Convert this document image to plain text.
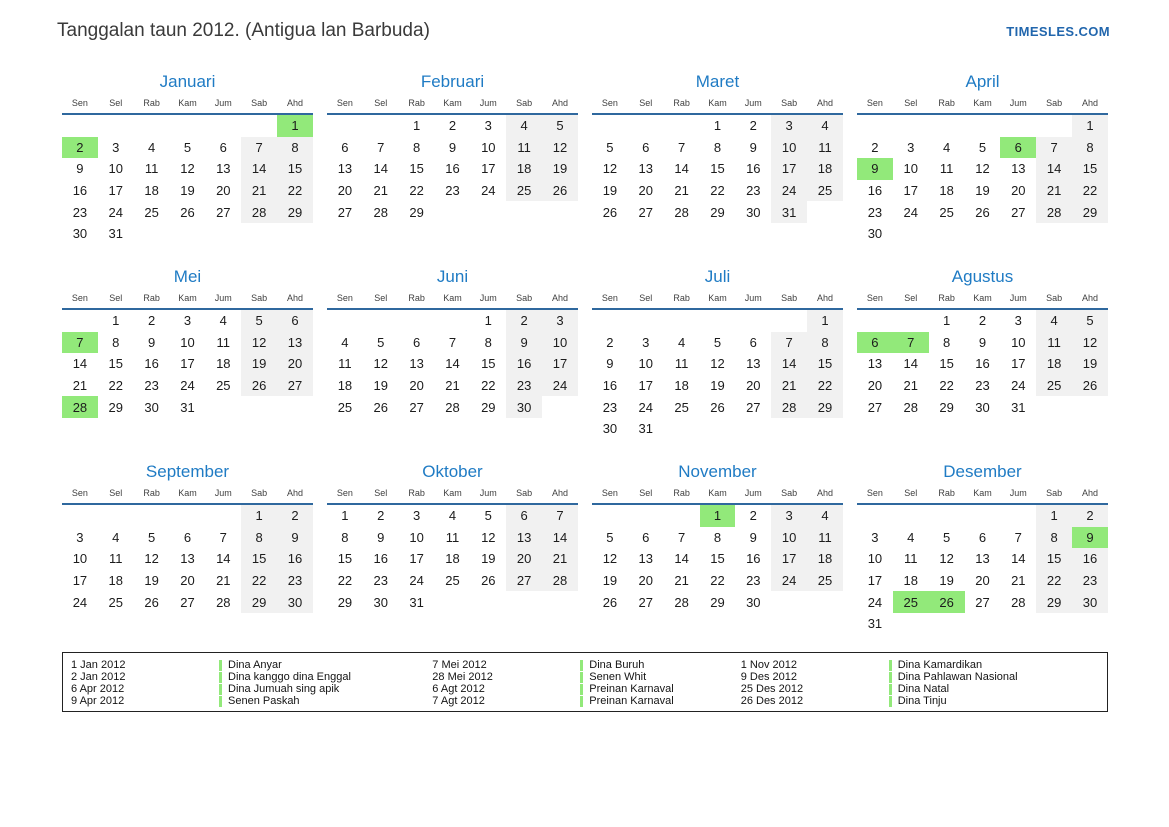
Tanggalan taun 2012. (Antigua lan Barbuda)	TIMESLES.COM
Januari
Sen	Sel	Rab	Kam	Jum	Sab	Ahd
						1
2	3	4	5	6	7	8
9	10	11	12	13	14	15
16	17	18	19	20	21	22
23	24	25	26	27	28	29
30	31					
Februari
Sen	Sel	Rab	Kam	Jum	Sab	Ahd
		1	2	3	4	5
6	7	8	9	10	11	12
13	14	15	16	17	18	19
20	21	22	23	24	25	26
27	28	29				
Maret
Sen	Sel	Rab	Kam	Jum	Sab	Ahd
			1	2	3	4
5	6	7	8	9	10	11
12	13	14	15	16	17	18
19	20	21	22	23	24	25
26	27	28	29	30	31	
April
Sen	Sel	Rab	Kam	Jum	Sab	Ahd
						1
2	3	4	5	6	7	8
9	10	11	12	13	14	15
16	17	18	19	20	21	22
23	24	25	26	27	28	29
30						
Mei
Sen	Sel	Rab	Kam	Jum	Sab	Ahd
	1	2	3	4	5	6
7	8	9	10	11	12	13
14	15	16	17	18	19	20
21	22	23	24	25	26	27
28	29	30	31			
Juni
Sen	Sel	Rab	Kam	Jum	Sab	Ahd
				1	2	3
4	5	6	7	8	9	10
11	12	13	14	15	16	17
18	19	20	21	22	23	24
25	26	27	28	29	30	
Juli
Sen	Sel	Rab	Kam	Jum	Sab	Ahd
						1
2	3	4	5	6	7	8
9	10	11	12	13	14	15
16	17	18	19	20	21	22
23	24	25	26	27	28	29
30	31					
Agustus
Sen	Sel	Rab	Kam	Jum	Sab	Ahd
		1	2	3	4	5
6	7	8	9	10	11	12
13	14	15	16	17	18	19
20	21	22	23	24	25	26
27	28	29	30	31		
September
Sen	Sel	Rab	Kam	Jum	Sab	Ahd
					1	2
3	4	5	6	7	8	9
10	11	12	13	14	15	16
17	18	19	20	21	22	23
24	25	26	27	28	29	30
Oktober
Sen	Sel	Rab	Kam	Jum	Sab	Ahd
1	2	3	4	5	6	7
8	9	10	11	12	13	14
15	16	17	18	19	20	21
22	23	24	25	26	27	28
29	30	31				
November
Sen	Sel	Rab	Kam	Jum	Sab	Ahd
			1	2	3	4
5	6	7	8	9	10	11
12	13	14	15	16	17	18
19	20	21	22	23	24	25
26	27	28	29	30		
Desember
Sen	Sel	Rab	Kam	Jum	Sab	Ahd
					1	2
3	4	5	6	7	8	9
10	11	12	13	14	15	16
17	18	19	20	21	22	23
24	25	26	27	28	29	30
31						
1 Jan 2012	Dina Anyar
2 Jan 2012	Dina kanggo dina Enggal
6 Apr 2012	Dina Jumuah sing apik
9 Apr 2012	Senen Paskah
7 Mei 2012	Dina Buruh
28 Mei 2012	Senen Whit
6 Agt 2012	Preinan Karnaval
7 Agt 2012	Preinan Karnaval
1 Nov 2012	Dina Kamardikan
9 Des 2012	Dina Pahlawan Nasional
25 Des 2012	Dina Natal
26 Des 2012	Dina Tinju
